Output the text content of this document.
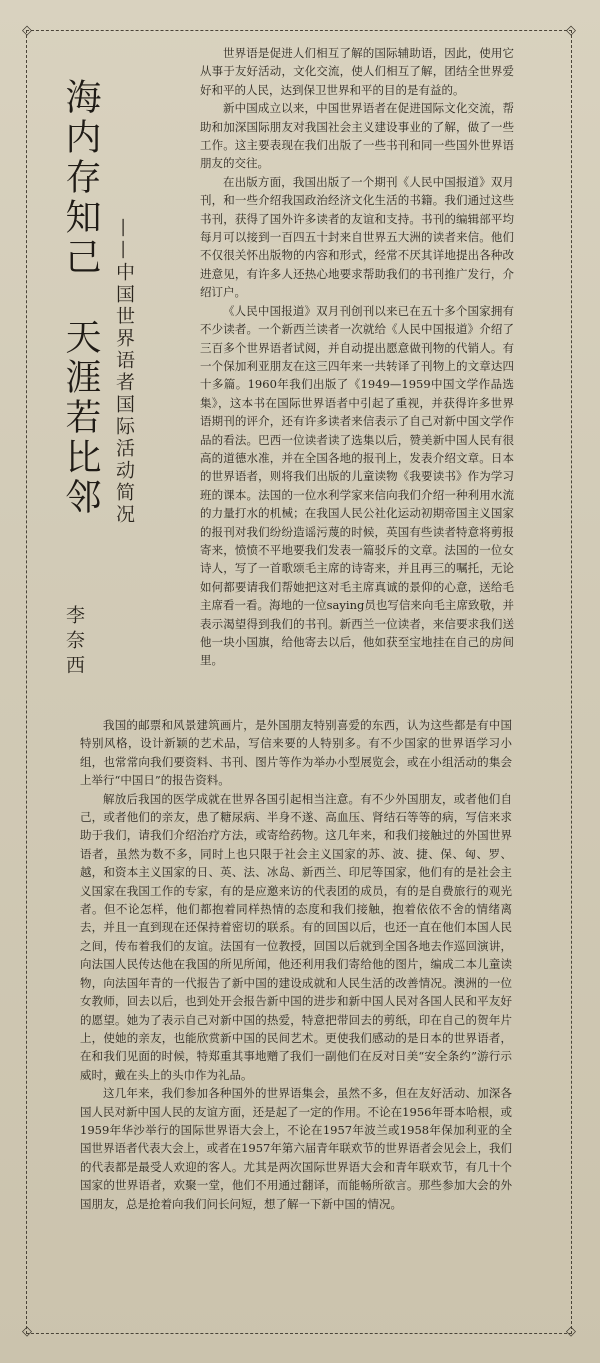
◇	◇
◇	◇
海内存知己　天涯若比邻 ——中国世界语者国际活动简况
李奈西

世界语是促进人们相互了解的国际辅助语，因此，使用它从事于友好活动，文化交流，使人们相互了解，团结全世界爱好和平的人民，达到保卫世界和平的目的是有益的。

新中国成立以来，中国世界语者在促进国际文化交流，帮助和加深国际朋友对我国社会主义建设事业的了解，做了一些工作。这主要表现在我们出版了一些书刊和同一些国外世界语朋友的交往。

在出版方面，我国出版了一个期刊《人民中国报道》双月刊，和一些介绍我国政治经济文化生活的书籍。我们通过这些书刊，获得了国外许多读者的友谊和支持。书刊的编辑部平均每月可以接到一百四五十封来自世界五大洲的读者来信。他们不仅很关怀出版物的内容和形式，经常不厌其详地提出各种改进意见，有许多人还热心地要求帮助我们的书刊推广发行，介绍订户。

《人民中国报道》双月刊创刊以来已在五十多个国家拥有不少读者。一个新西兰读者一次就给《人民中国报道》介绍了三百多个世界语者试阅，并自动提出愿意做刊物的代销人。有一个保加利亚朋友在这三四年来一共转译了刊物上的文章达四十多篇。1960年我们出版了《1949—1959中国文学作品选集》，这本书在国际世界语者中引起了重视，并获得许多世界语期刊的评介，还有许多读者来信表示了自己对新中国文学作品的看法。巴西一位读者读了选集以后，赞美新中国人民有很高的道德水准，并在全国各地的报刊上，发表介绍文章。日本的世界语者，则将我们出版的儿童读物《我要读书》作为学习班的课本。法国的一位水利学家来信向我们介绍一种利用水流的力量打水的机械；在我国人民公社化运动初期帝国主义国家的报刊对我们纷纷造谣污蔑的时候，英国有些读者特意将剪报寄来，愤愤不平地要我们发表一篇驳斥的文章。法国的一位女诗人，写了一首歌颂毛主席的诗寄来，并且再三的嘱托，无论如何都要请我们帮她把这对毛主席真诚的景仰的心意，送给毛主席看一看。海地的一位saying员也写信来向毛主席致敬，并表示渴望得到我们的书刊。新西兰一位读者，来信要求我们送他一块小国旗，给他寄去以后，他如获至宝地挂在自己的房间里。

我国的邮票和风景建筑画片，是外国朋友特别喜爱的东西，认为这些都是有中国特别风格，设计新颖的艺术品，写信来要的人特别多。有不少国家的世界语学习小组，也常常向我们要资料、书刊、图片等作为举办小型展览会，或在小组活动的集会上举行“中国日”的报告资料。

解放后我国的医学成就在世界各国引起相当注意。有不少外国朋友，或者他们自己，或者他们的亲友，患了糖尿病、半身不遂、高血压、肾结石等等的病，写信来求助于我们，请我们介绍治疗方法，或寄给药物。这几年来，和我们接触过的外国世界语者，虽然为数不多，同时上也只限于社会主义国家的苏、波、捷、保、匈、罗、越，和资本主义国家的日、英、法、冰岛、新西兰、印尼等国家，他们有的是社会主义国家在我国工作的专家，有的是应邀来访的代表团的成员，有的是自费旅行的观光者。但不论怎样，他们都抱着同样热情的态度和我们接触，抱着依依不舍的情绪离去，并且一直到现在还保持着密切的联系。有的回国以后，也还一直在他们本国人民之间，传布着我们的友谊。法国有一位教授，回国以后就到全国各地去作巡回演讲，向法国人民传达他在我国的所见所闻，他还利用我们寄给他的图片，编成二本儿童读物，向法国年青的一代报告了新中国的建设成就和人民生活的改善情况。澳洲的一位女教师，回去以后，也到处开会报告新中国的进步和新中国人民对各国人民和平友好的愿望。她为了表示自己对新中国的热爱，特意把带回去的剪纸，印在自己的贺年片上，使她的亲友，也能欣赏新中国的民间艺术。更使我们感动的是日本的世界语者，在和我们见面的时候，特郑重其事地赠了我们一副他们在反对日美“安全条约”游行示威时，戴在头上的头巾作为礼品。

这几年来，我们参加各种国外的世界语集会，虽然不多，但在友好活动、加深各国人民对新中国人民的友谊方面，还是起了一定的作用。不论在1956年哥本哈根，或1959年华沙举行的国际世界语大会上，不论在1957年波兰或1958年保加利亚的全国世界语者代表大会上，或者在1957年第六届青年联欢节的世界语者会见会上，我们的代表都是最受人欢迎的客人。尤其是两次国际世界语大会和青年联欢节，有几十个国家的世界语者，欢聚一堂，他们不用通过翻译，而能畅所欲言。那些参加大会的外国朋友，总是抢着向我们问长问短，想了解一下新中国的情况。
